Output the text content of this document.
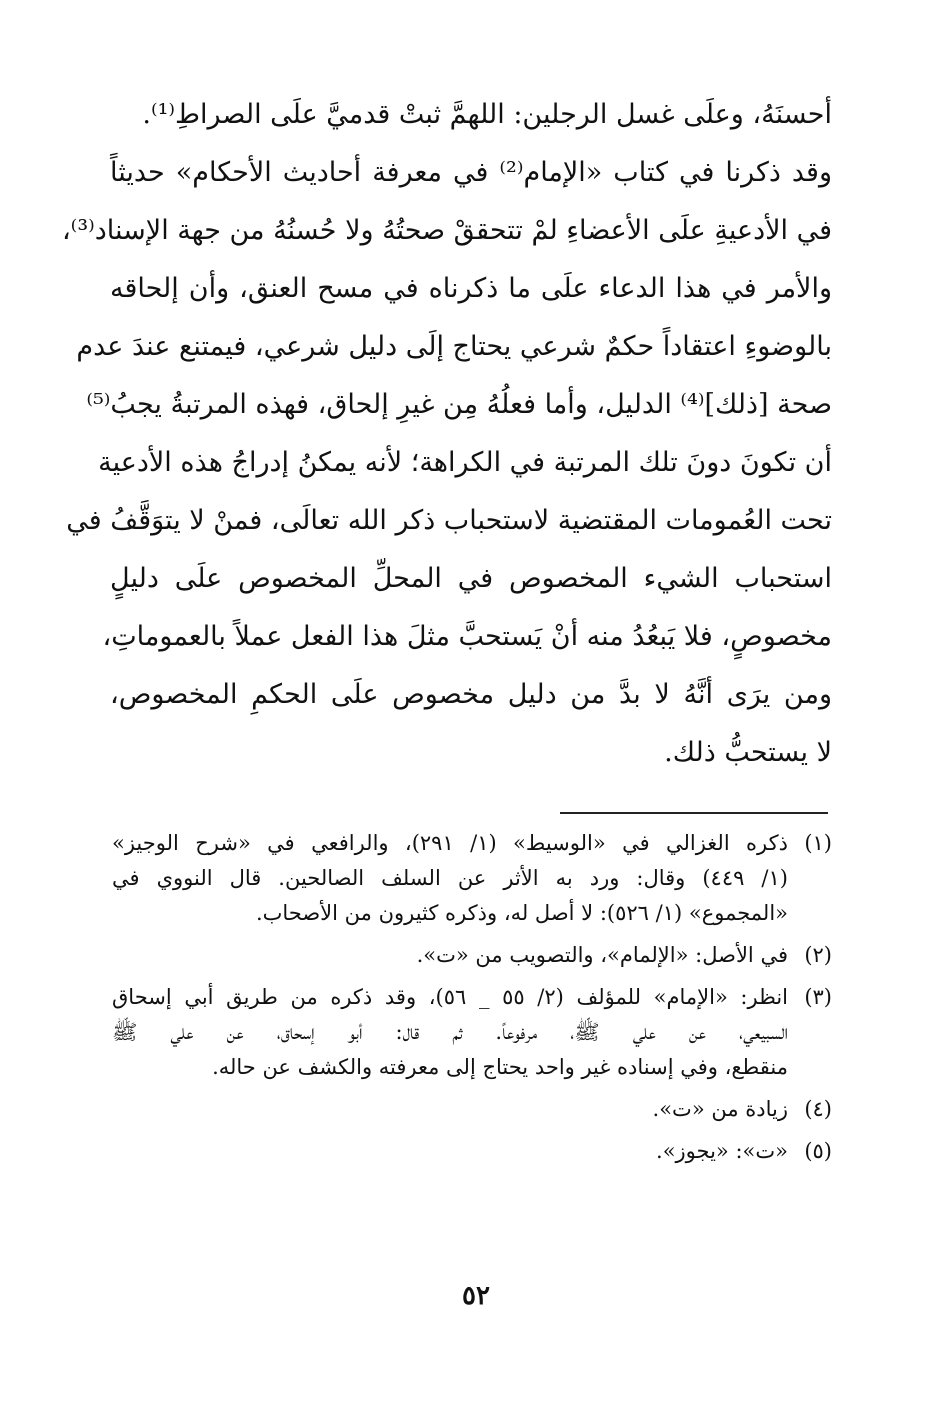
أحسنَهُ، وعلَى غسل الرجلين: اللهمَّ ثبتْ قدميَّ علَى الصراطِ⁽¹⁾.
وقد ذكرنا في كتاب «الإمام⁽²⁾ في معرفة أحاديث الأحكام» حديثاً
في الأدعيةِ علَى الأعضاءِ لمْ تتحققْ صحتُهُ ولا حُسنُهُ من جهة الإسناد⁽³⁾،
والأمر في هذا الدعاء علَى ما ذكرناه في مسح العنق، وأن إلحاقه
بالوضوءِ اعتقاداً حكمٌ شرعي يحتاج إلَى دليل شرعي، فيمتنع عندَ عدم
صحة [ذلك]⁽⁴⁾ الدليل، وأما فعلُهُ مِن غيرِ إلحاق، فهذه المرتبةُ يجبُ⁽⁵⁾
أن تكونَ دونَ تلك المرتبة في الكراهة؛ لأنه يمكنُ إدراجُ هذه الأدعية
تحت العُمومات المقتضية لاستحباب ذكر الله تعالَى، فمنْ لا يتوَقَّفُ في
استحباب الشيء المخصوص في المحلِّ المخصوص علَى دليلٍ
مخصوصٍ، فلا يَبعُدُ منه أنْ يَستحبَّ مثلَ هذا الفعل عملاً بالعموماتِ،
ومن يرَى أنَّهُ لا بدَّ من دليل مخصوص علَى الحكمِ المخصوص،
لا يستحبُّ ذلك.
(١)
ذكره الغزالي في «الوسيط» (١/ ٢٩١)، والرافعي في «شرح الوجيز»
(١/ ٤٤٩) وقال: ورد به الأثر عن السلف الصالحين. قال النووي في
«المجموع» (١/ ٥٢٦): لا أصل له، وذكره كثيرون من الأصحاب.
(٢)
في الأصل: «الإلمام»، والتصويب من «ت».
(٣)
انظر: «الإمام» للمؤلف (٢/ ٥٥ _ ٥٦)، وقد ذكره من طريق أبي إسحاق
السبيعي، عن علي ﷺ، مرفوعاً. ثم قال: أبو إسحاق، عن علي ﷺ
منقطع، وفي إسناده غير واحد يحتاج إلى معرفته والكشف عن حاله.
(٤)
زيادة من «ت».
(٥)
«ت»: «يجوز».
٥٢
